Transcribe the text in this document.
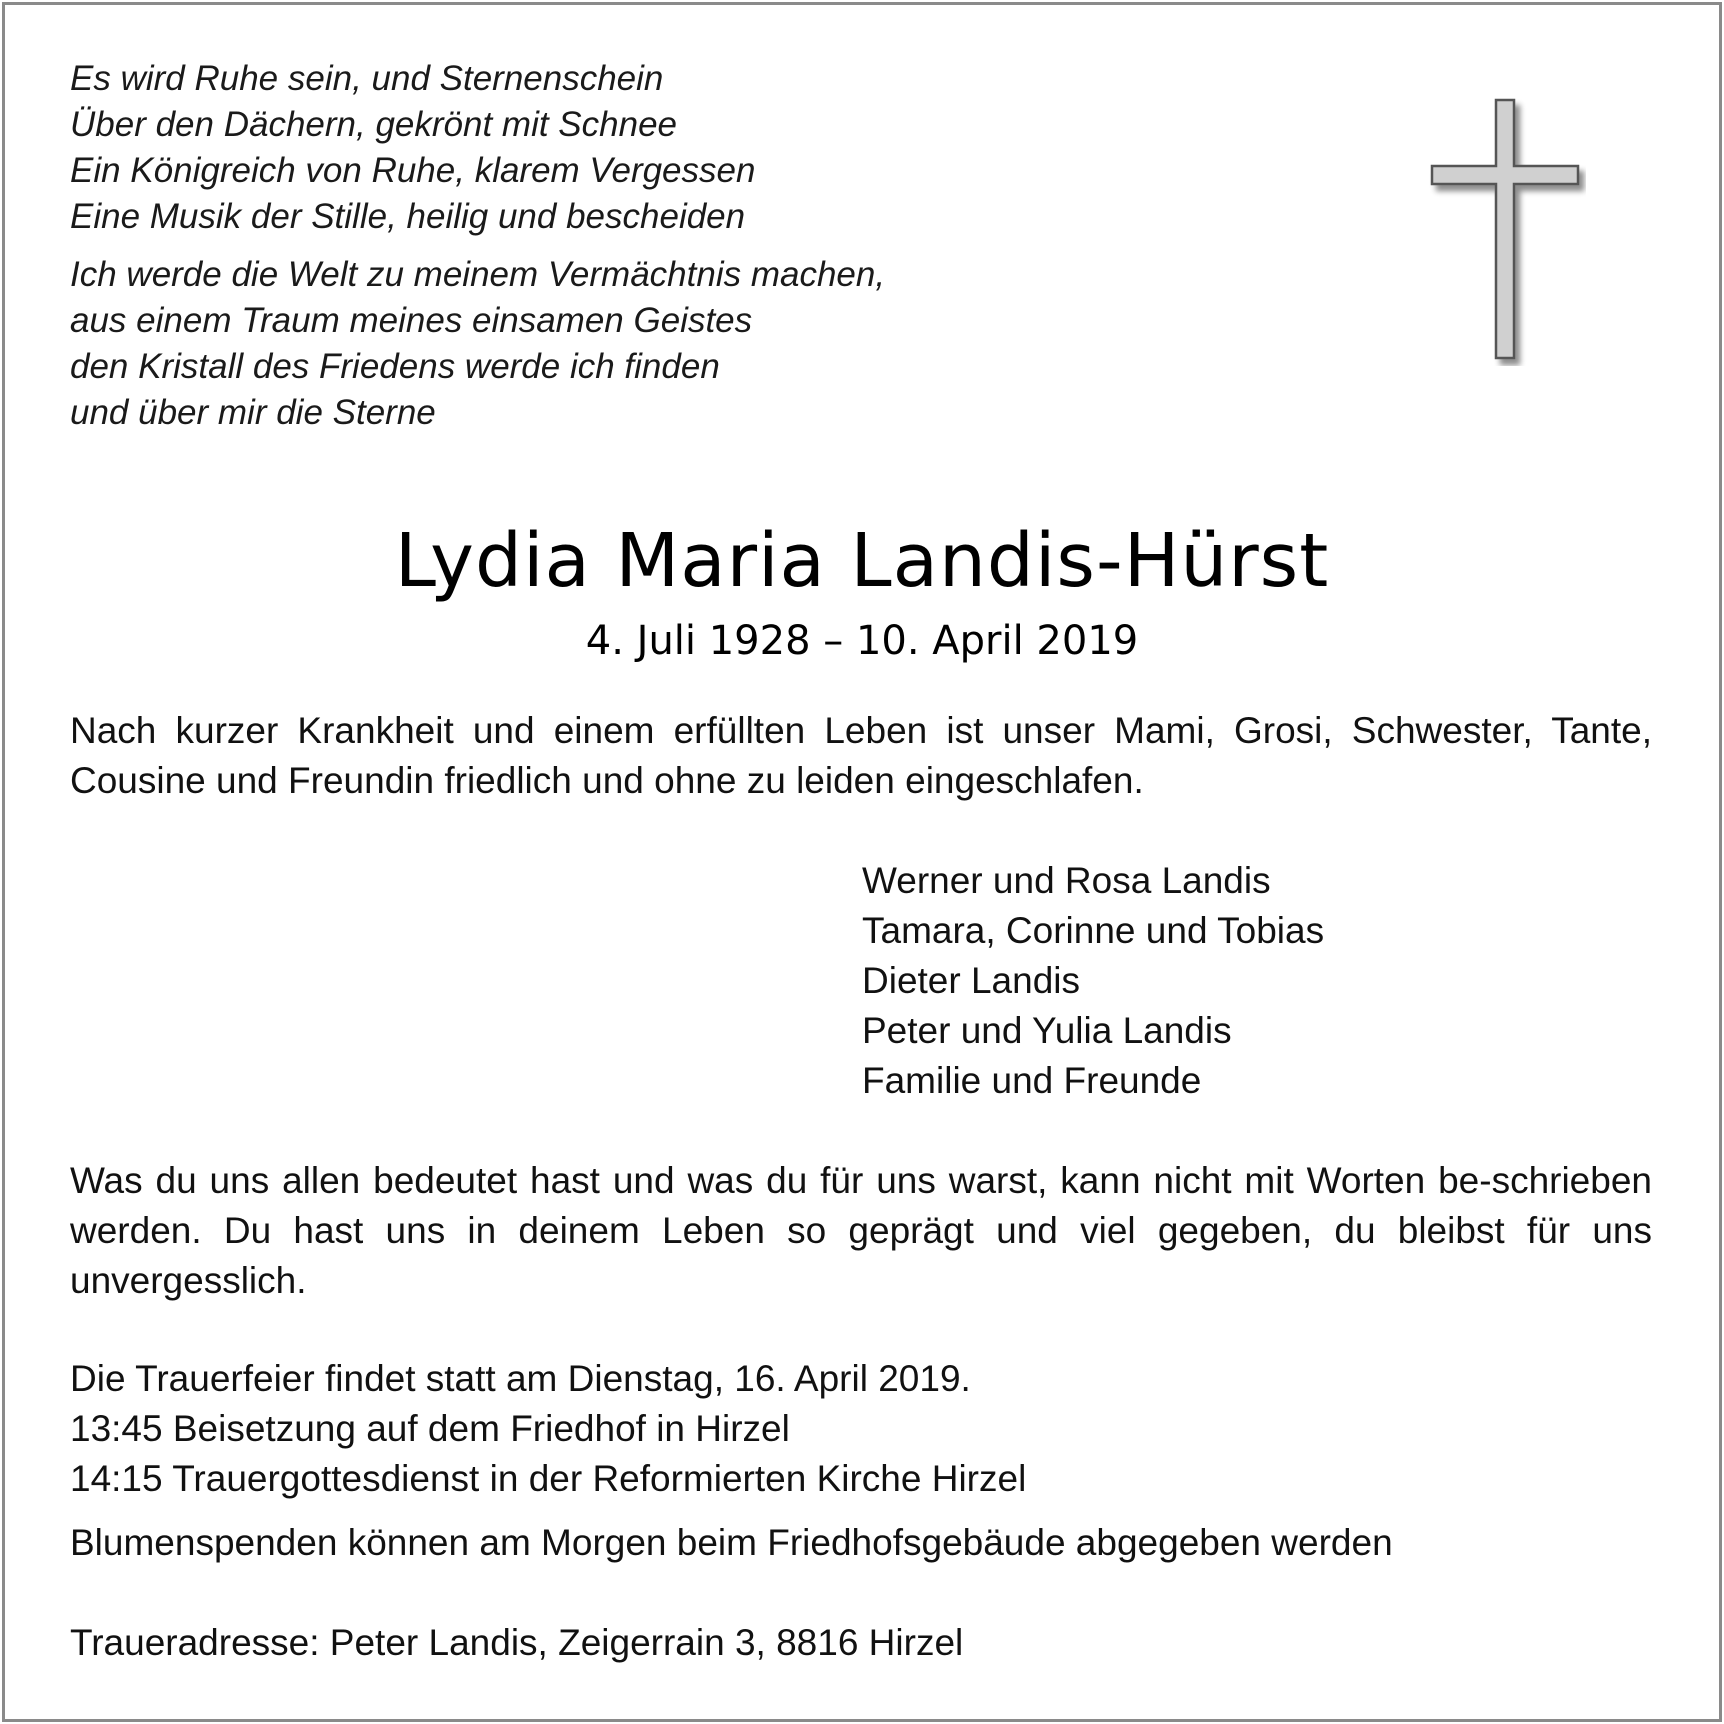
Es wird Ruhe sein, und Sternenschein
Über den Dächern, gekrönt mit Schnee
Ein Königreich von Ruhe, klarem Vergessen
Eine Musik der Stille, heilig und bescheiden

Ich werde die Welt zu meinem Vermächtnis machen,
aus einem Traum meines einsamen Geistes
den Kristall des Friedens werde ich finden
und über mir die Sterne

Lydia Maria Landis-Hürst
4. Juli 1928 – 10. April 2019
Nach kurzer Krankheit und einem erfüllten Leben ist unser Mami, Grosi, Schwester, Tante, Cousine und Freundin friedlich und ohne zu leiden eingeschlafen.
Werner und Rosa Landis
Tamara, Corinne und Tobias
Dieter Landis
Peter und Yulia Landis
Familie und Freunde
Was du uns allen bedeutet hast und was du für uns warst, kann nicht mit Worten be-schrieben werden. Du hast uns in deinem Leben so geprägt und viel gegeben, du bleibst für uns unvergesslich.
Die Trauerfeier findet statt am Dienstag, 16. April 2019.
13:45 Beisetzung auf dem Friedhof in Hirzel
14:15 Trauergottesdienst in der Reformierten Kirche Hirzel
Blumenspenden können am Morgen beim Friedhofsgebäude abgegeben werden
Traueradresse: Peter Landis, Zeigerrain 3, 8816 Hirzel
